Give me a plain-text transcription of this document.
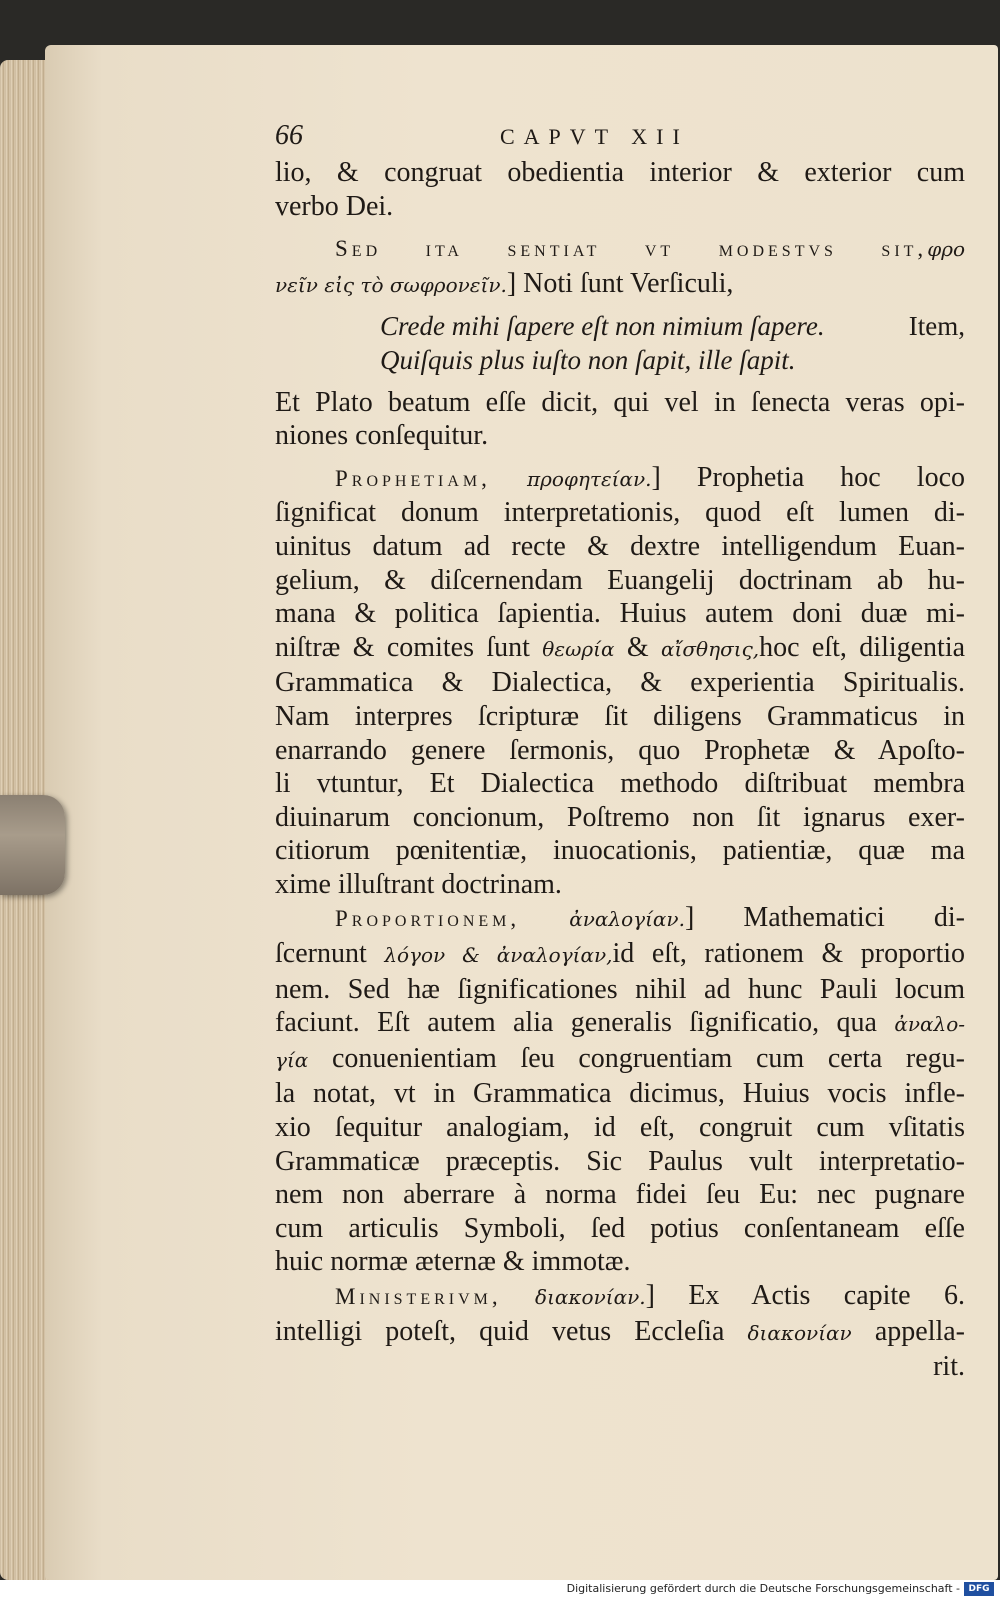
66	CAPVT XII
lio, & congruat obedientia interior & exterior cum
verbo Dei.
Sed ita sentiat vt modestvs sit,φρο
νεῖν εἰς τὸ σωφρονεῖν.] Noti ſunt Verſiculi,
Crede mihi ſapere eſt non nimium ſapere.	Item,
Quiſquis plus iuſto non ſapit, ille ſapit.
Et Plato beatum eſſe dicit, qui vel in ſenecta veras opi-
niones conſequitur.
Prophetiam, προφητείαν.] Prophetia hoc loco
ſignificat donum interpretationis, quod eſt lumen di-
uinitus datum ad recte & dextre intelligendum Euan-
gelium, & diſcernendam Euangelij doctrinam ab hu-
mana & politica ſapientia. Huius autem doni duæ mi-
niſtræ & comites ſunt θεωρία & αἴσθησις,hoc eſt, diligentia
Grammatica & Dialectica, & experientia Spiritualis.
Nam interpres ſcripturæ ſit diligens Grammaticus in
enarrando genere ſermonis, quo Prophetæ & Apoſto-
li vtuntur, Et Dialectica methodo diſtribuat membra
diuinarum concionum, Poſtremo non ſit ignarus exer-
citiorum pœnitentiæ, inuocationis, patientiæ, quæ ma
xime illuſtrant doctrinam.
Proportionem, ἀναλογίαν.] Mathematici di-
ſcernunt λόγον & ἀναλογίαν,id eſt, rationem & proportio
nem. Sed hæ ſignificationes nihil ad hunc Pauli locum
faciunt. Eſt autem alia generalis ſignificatio, qua ἀναλο-
γία conuenientiam ſeu congruentiam cum certa regu-
la notat, vt in Grammatica dicimus, Huius vocis infle-
xio ſequitur analogiam, id eſt, congruit cum vſitatis
Grammaticæ præceptis. Sic Paulus vult interpretatio-
nem non aberrare à norma fidei ſeu Eu: nec pugnare
cum articulis Symboli, ſed potius conſentaneam eſſe
huic normæ æternæ & immotæ.
Ministerivm, διακονίαν.] Ex Actis capite 6.
intelligi poteſt, quid vetus Eccleſia διακονίαν appella-
rit.
Digitalisierung gefördert durch die Deutsche Forschungsgemeinschaft - DFG
